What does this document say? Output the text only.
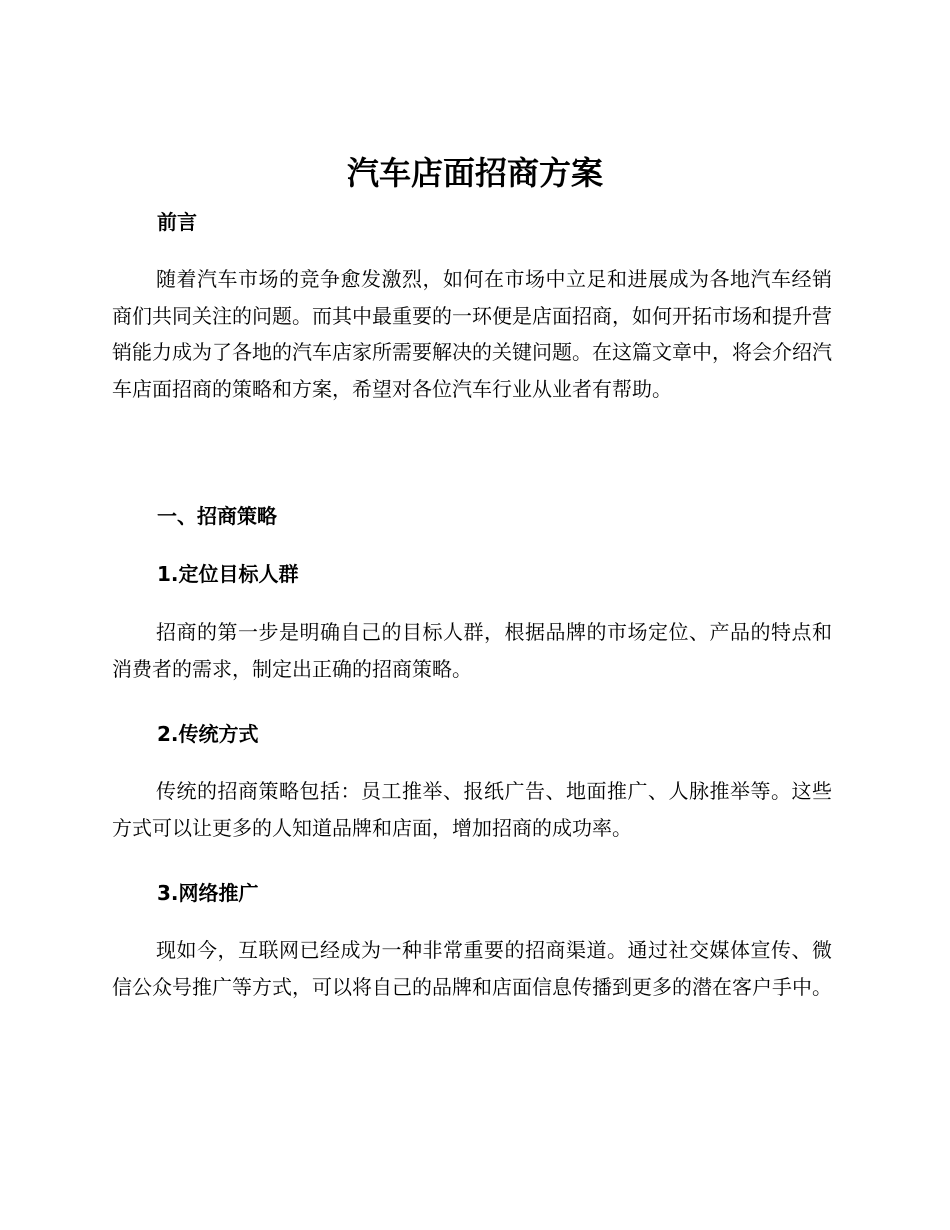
汽车店面招商方案
前言

随着汽车市场的竞争愈发激烈，如何在市场中立足和进展成为各地汽车经销商们共同关注的问题。而其中最重要的一环便是店面招商，如何开拓市场和提升营销能力成为了各地的汽车店家所需要解决的关键问题。在这篇文章中，将会介绍汽车店面招商的策略和方案，希望对各位汽车行业从业者有帮助。

一、招商策略
1.定位目标人群

招商的第一步是明确自己的目标人群，根据品牌的市场定位、产品的特点和消费者的需求，制定出正确的招商策略。

2.传统方式

传统的招商策略包括：员工推举、报纸广告、地面推广、人脉推举等。这些方式可以让更多的人知道品牌和店面，增加招商的成功率。

3.网络推广

现如今，互联网已经成为一种非常重要的招商渠道。通过社交媒体宣传、微信公众号推广等方式，可以将自己的品牌和店面信息传播到更多的潜在客户手中。
